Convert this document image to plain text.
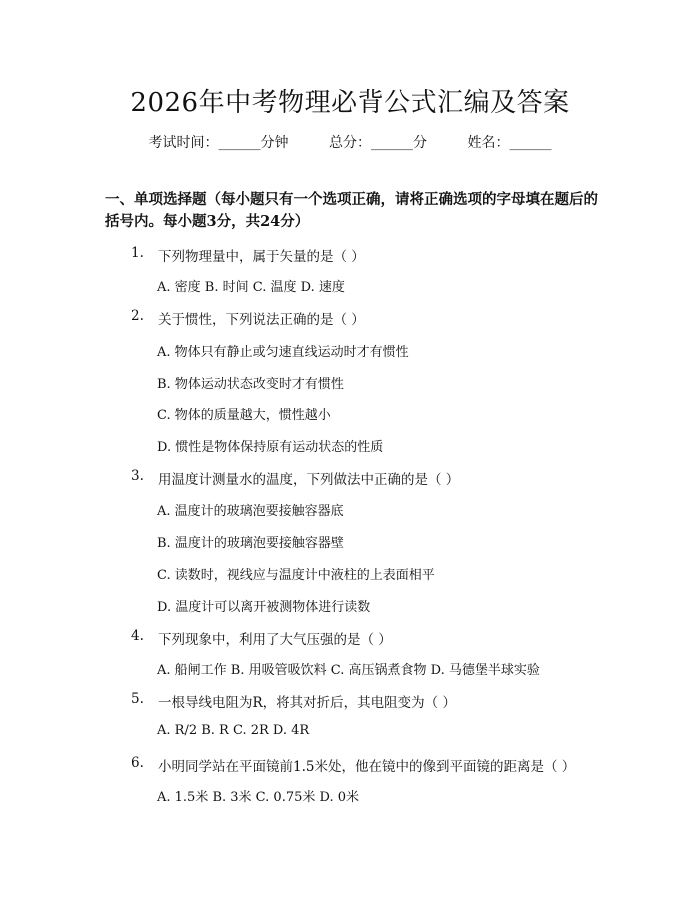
2026年中考物理必背公式汇编及答案
考试时间：______分钟	总分：______分	姓名：______
一、单项选择题（每小题只有一个选项正确，请将正确选项的字母填在题后的括号内。每小题3分，共24分）
1.	下列物理量中，属于矢量的是（ ）
A. 密度 B. 时间 C. 温度 D. 速度
2.	关于惯性，下列说法正确的是（ ）
A. 物体只有静止或匀速直线运动时才有惯性
B. 物体运动状态改变时才有惯性
C. 物体的质量越大，惯性越小
D. 惯性是物体保持原有运动状态的性质
3.	用温度计测量水的温度，下列做法中正确的是（ ）
A. 温度计的玻璃泡要接触容器底
B. 温度计的玻璃泡要接触容器壁
C. 读数时，视线应与温度计中液柱的上表面相平
D. 温度计可以离开被测物体进行读数
4.	下列现象中，利用了大气压强的是（ ）
A. 船闸工作 B. 用吸管吸饮料 C. 高压锅煮食物 D. 马德堡半球实验
5.	一根导线电阻为R，将其对折后，其电阻变为（ ）
A. R/2 B. R C. 2R D. 4R
6.	小明同学站在平面镜前1.5米处，他在镜中的像到平面镜的距离是（ ）
A. 1.5米 B. 3米 C. 0.75米 D. 0米
